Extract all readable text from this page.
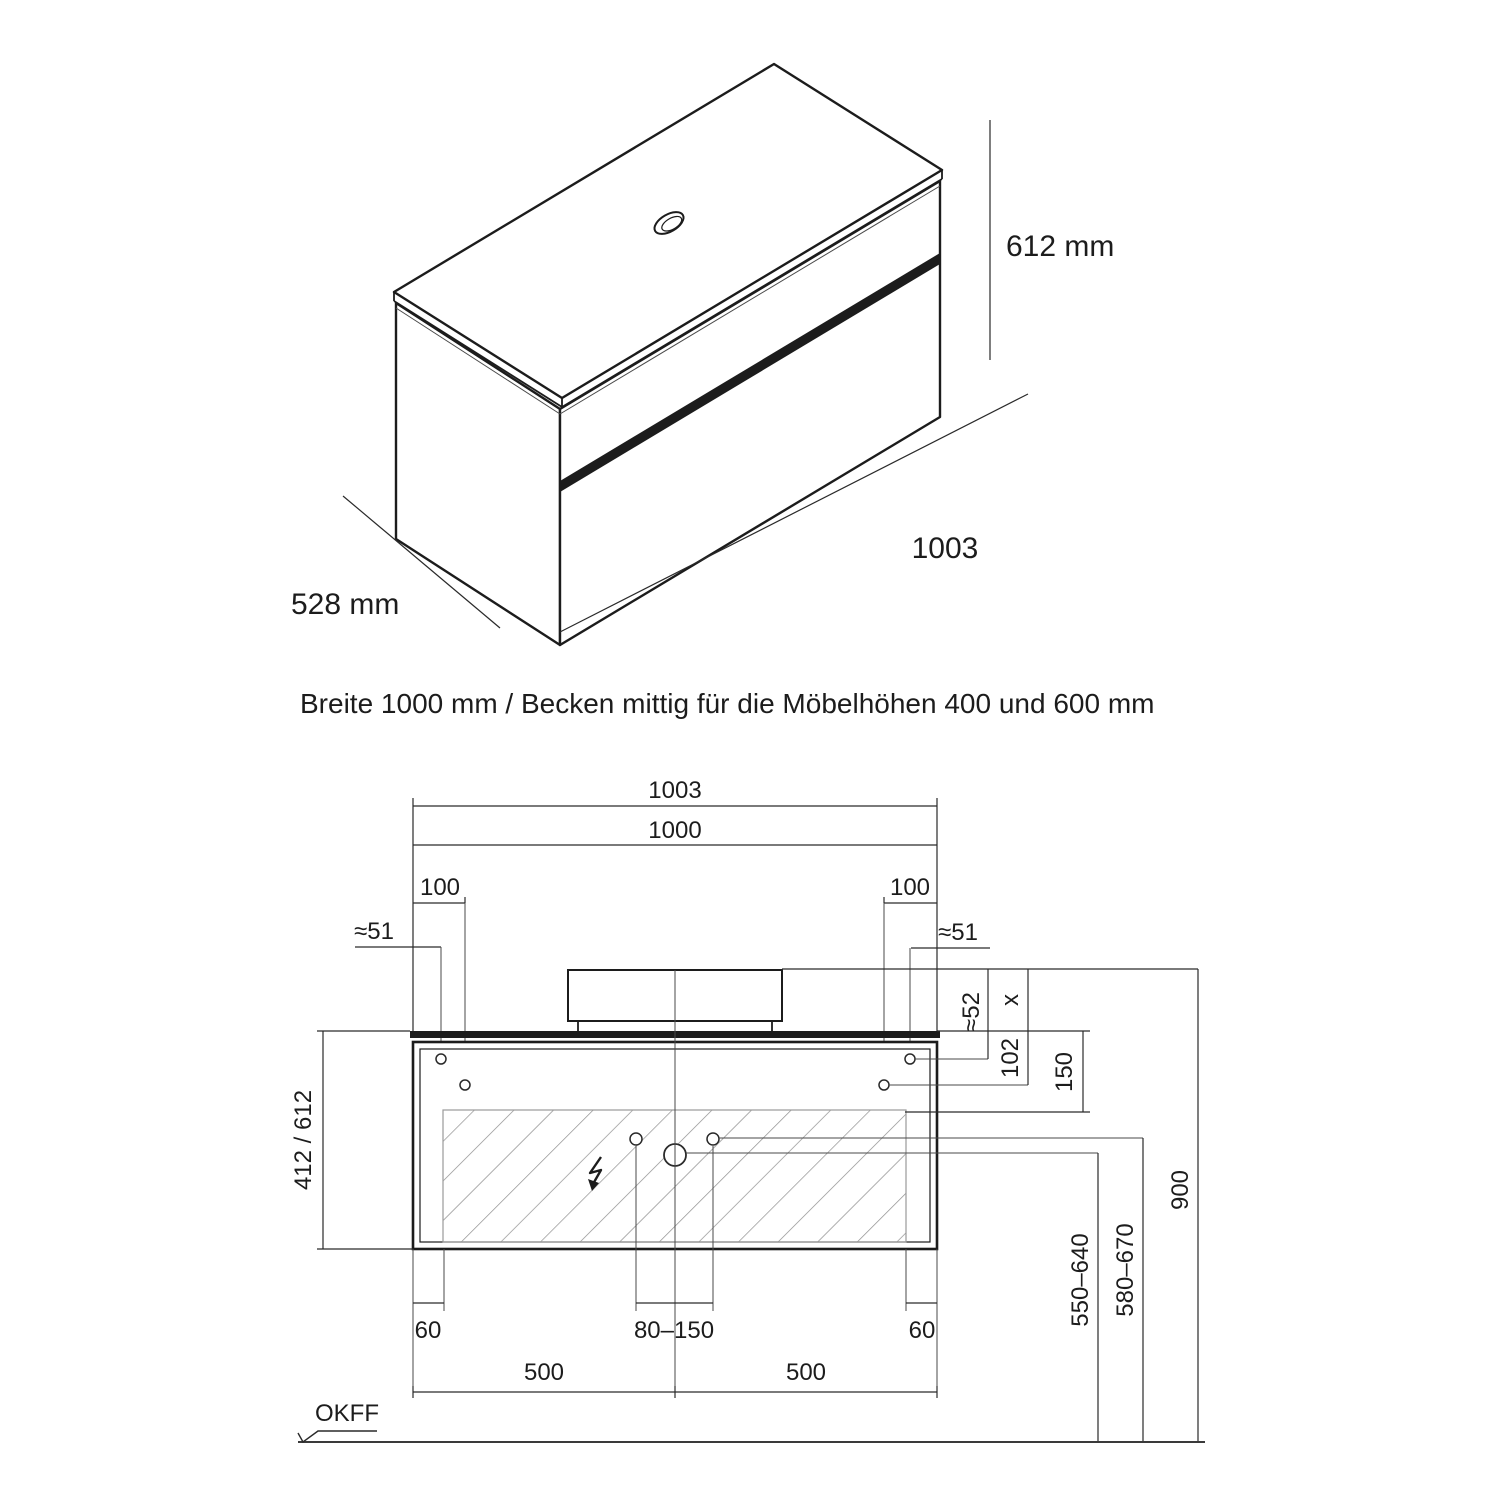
612 mm
528 mm
1003
Breite 1000 mm / Becken mittig für die Möbelhöhen 400 und 600 mm
1003
1000
100
≈51
100
≈51
≈52 x
102 150
900
580–670
550–640
412 / 612
60	80–150	60
500	500
OKFF
